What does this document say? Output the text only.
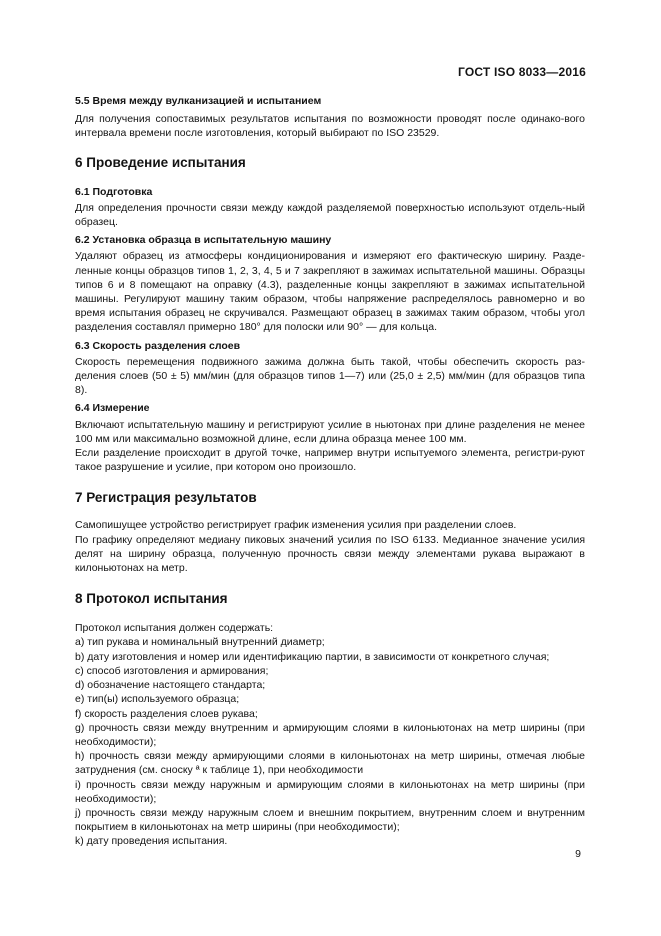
ГОСТ ISO 8033—2016
5.5 Время между вулканизацией и испытанием

Для получения сопоставимых результатов испытания по возможности проводят после одинако-вого интервала времени после изготовления, который выбирают по ISO 23529.

6 Проведение испытания
6.1 Подготовка

Для определения прочности связи между каждой разделяемой поверхностью используют отдель-ный образец.

6.2 Установка образца в испытательную машину

Удаляют образец из атмосферы кондиционирования и измеряют его фактическую ширину. Разде-ленные концы образцов типов 1, 2, 3, 4, 5 и 7 закрепляют в зажимах испытательной машины. Образцы типов 6 и 8 помещают на оправку (4.3), разделенные концы закрепляют в зажимах испытательной машины. Регулируют машину таким образом, чтобы напряжение распределялось равномерно и во время испытания образец не скручивался. Размещают образец в зажимах таким образом, чтобы угол разделения составлял примерно 180° для полоски или 90° — для кольца.

6.3 Скорость разделения слоев

Скорость перемещения подвижного зажима должна быть такой, чтобы обеспечить скорость раз-деления слоев (50 ± 5) мм/мин (для образцов типов 1—7) или (25,0 ± 2,5) мм/мин (для образцов типа 8).

6.4 Измерение

Включают испытательную машину и регистрируют усилие в ньютонах при длине разделения не менее 100 мм или максимально возможной длине, если длина образца менее 100 мм.

Если разделение происходит в другой точке, например внутри испытуемого элемента, регистри-руют такое разрушение и усилие, при котором оно произошло.

7 Регистрация результатов

Самопишущее устройство регистрирует график изменения усилия при разделении слоев.

По графику определяют медиану пиковых значений усилия по ISO 6133. Медианное значение усилия делят на ширину образца, полученную прочность связи между элементами рукава выражают в килоньютонах на метр.

8 Протокол испытания

Протокол испытания должен содержать:

a) тип рукава и номинальный внутренний диаметр;

b) дату изготовления и номер или идентификацию партии, в зависимости от конкретного случая;

c) способ изготовления и армирования;

d) обозначение настоящего стандарта;

e) тип(ы) используемого образца;

f) скорость разделения слоев рукава;

g) прочность связи между внутренним и армирующим слоями в килоньютонах на метр ширины (при необходимости);

h) прочность связи между армирующими слоями в килоньютонах на метр ширины, отмечая любые затруднения (см. сноску ª к таблице 1), при необходимости

i) прочность связи между наружным и армирующим слоями в килоньютонах на метр ширины (при необходимости);

j) прочность связи между наружным слоем и внешним покрытием, внутренним слоем и внутренним покрытием в килоньютонах на метр ширины (при необходимости);

k) дату проведения испытания.

9
